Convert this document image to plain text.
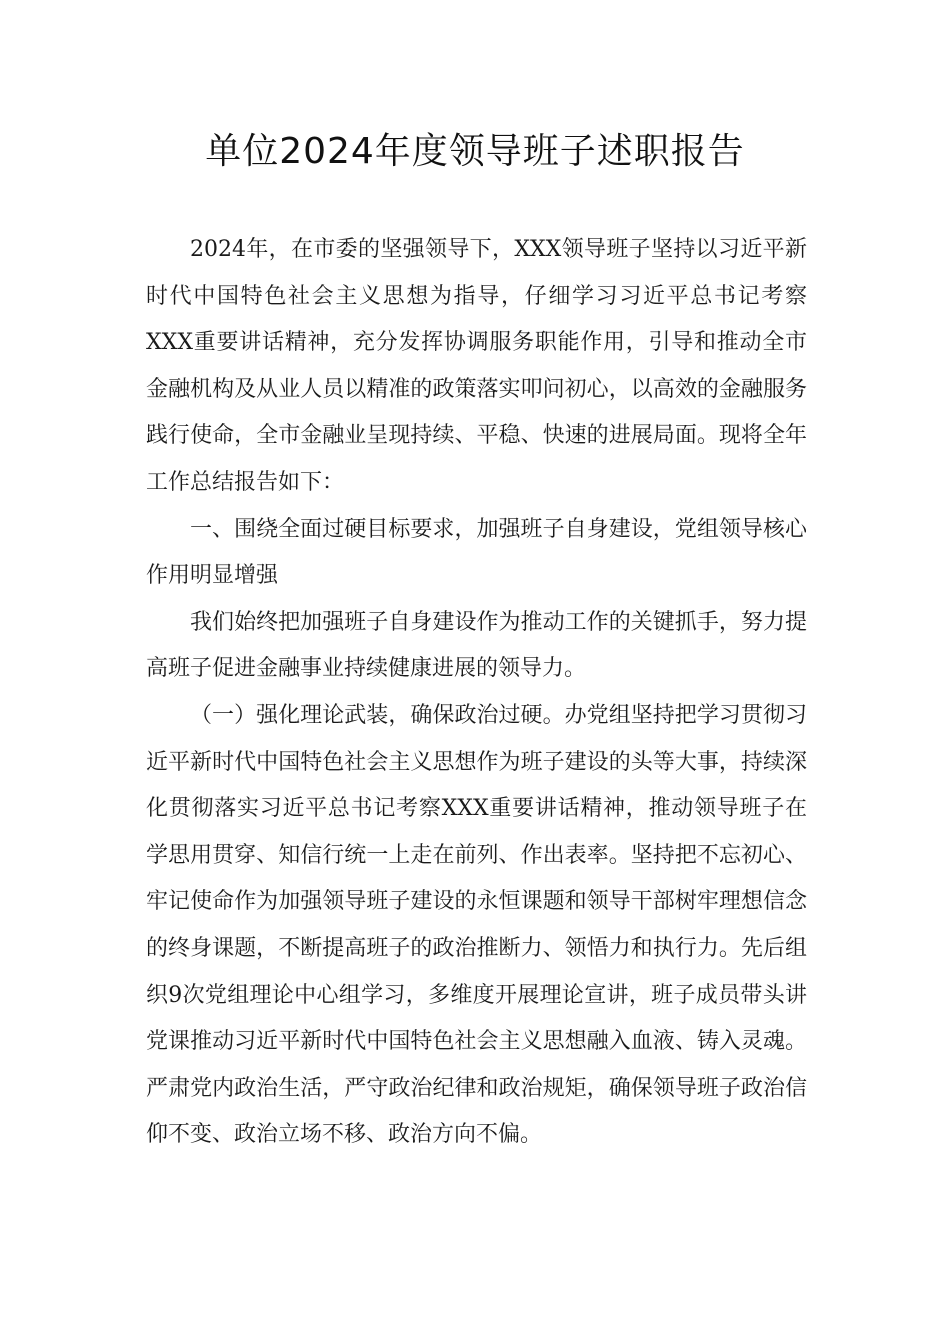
单位2024年度领导班子述职报告

2024年，在市委的坚强领导下，XXX领导班子坚持以习近平新时代中国特色社会主义思想为指导，仔细学习习近平总书记考察XXX重要讲话精神，充分发挥协调服务职能作用，引导和推动全市金融机构及从业人员以精准的政策落实叩问初心，以高效的金融服务践行使命，全市金融业呈现持续、平稳、快速的进展局面。现将全年工作总结报告如下：

一、围绕全面过硬目标要求，加强班子自身建设，党组领导核心作用明显增强

我们始终把加强班子自身建设作为推动工作的关键抓手，努力提高班子促进金融事业持续健康进展的领导力。

（一）强化理论武装，确保政治过硬。办党组坚持把学习贯彻习近平新时代中国特色社会主义思想作为班子建设的头等大事，持续深化贯彻落实习近平总书记考察XXX重要讲话精神，推动领导班子在学思用贯穿、知信行统一上走在前列、作出表率。坚持把不忘初心、牢记使命作为加强领导班子建设的永恒课题和领导干部树牢理想信念的终身课题，不断提高班子的政治推断力、领悟力和执行力。先后组织9次党组理论中心组学习，多维度开展理论宣讲，班子成员带头讲党课推动习近平新时代中国特色社会主义思想融入血液、铸入灵魂。严肃党内政治生活，严守政治纪律和政治规矩，确保领导班子政治信仰不变、政治立场不移、政治方向不偏。
